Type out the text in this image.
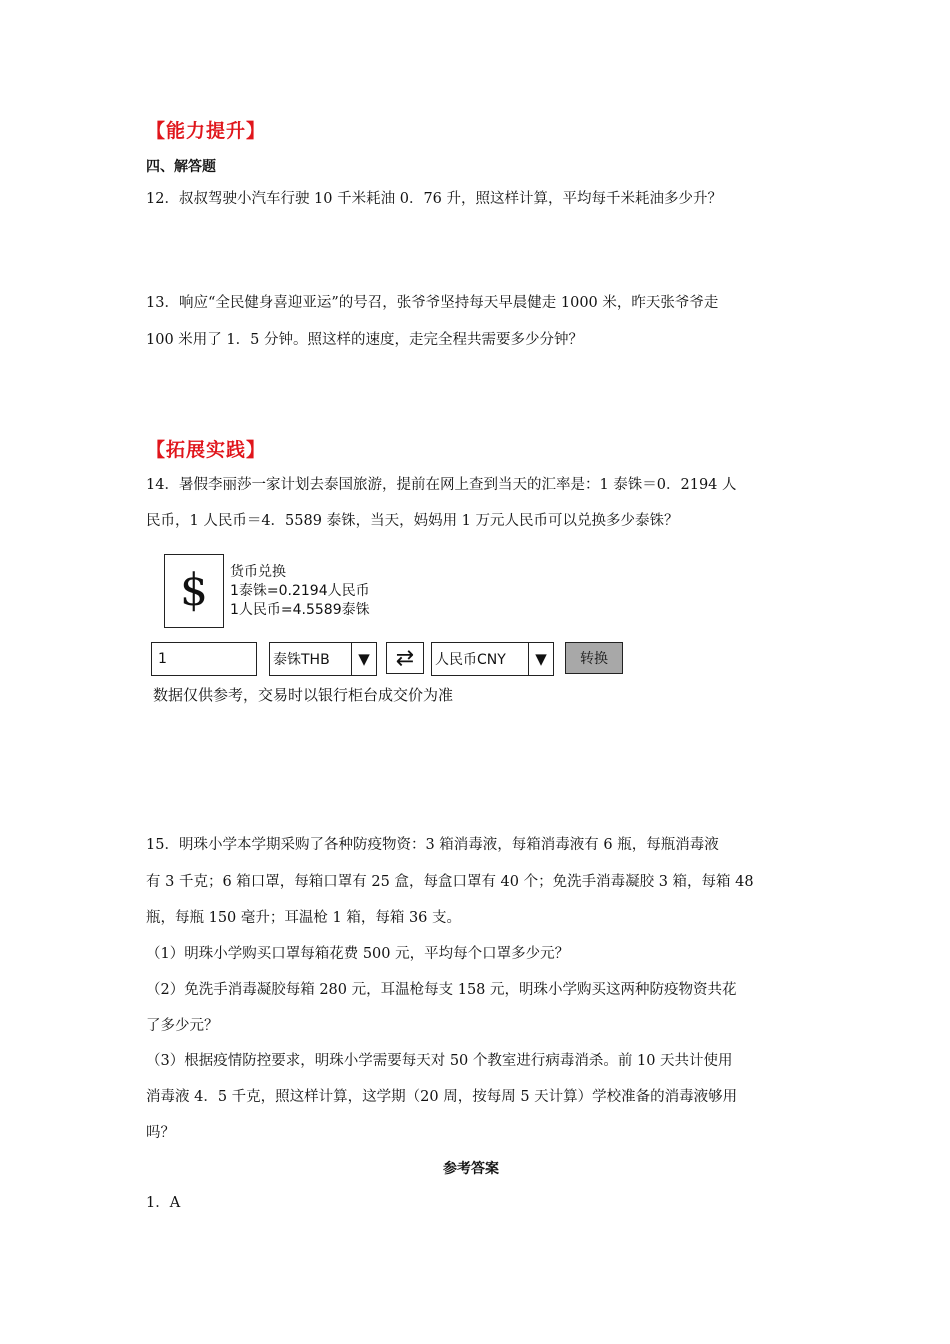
【能力提升】
四、解答题
12．叔叔驾驶小汽车行驶 10 千米耗油 0．76 升，照这样计算，平均每千米耗油多少升？
13．响应“全民健身喜迎亚运”的号召，张爷爷坚持每天早晨健走 1000 米，昨天张爷爷走
100 米用了 1．5 分钟。照这样的速度，走完全程共需要多少分钟？
【拓展实践】
14．暑假李丽莎一家计划去泰国旅游，提前在网上查到当天的汇率是：1 泰铢＝0．2194 人
民币，1 人民币＝4．5589 泰铢，当天，妈妈用 1 万元人民币可以兑换多少泰铢？
$ 货币兑换
1泰铢=0.2194人民币
1人民币=4.5589泰铢
1	泰铢THB	▼ ⇄ 人民币CNY	▼	转换
数据仅供参考，交易时以银行柜台成交价为准
15．明珠小学本学期采购了各种防疫物资：3 箱消毒液，每箱消毒液有 6 瓶，每瓶消毒液
有 3 千克；6 箱口罩，每箱口罩有 25 盒，每盒口罩有 40 个；免洗手消毒凝胶 3 箱，每箱 48
瓶，每瓶 150 毫升；耳温枪 1 箱，每箱 36 支。
（1）明珠小学购买口罩每箱花费 500 元，平均每个口罩多少元？
（2）免洗手消毒凝胶每箱 280 元，耳温枪每支 158 元，明珠小学购买这两种防疫物资共花
了多少元？
（3）根据疫情防控要求，明珠小学需要每天对 50 个教室进行病毒消杀。前 10 天共计使用
消毒液 4．5 千克，照这样计算，这学期（20 周，按每周 5 天计算）学校准备的消毒液够用
吗？
参考答案
1．A
